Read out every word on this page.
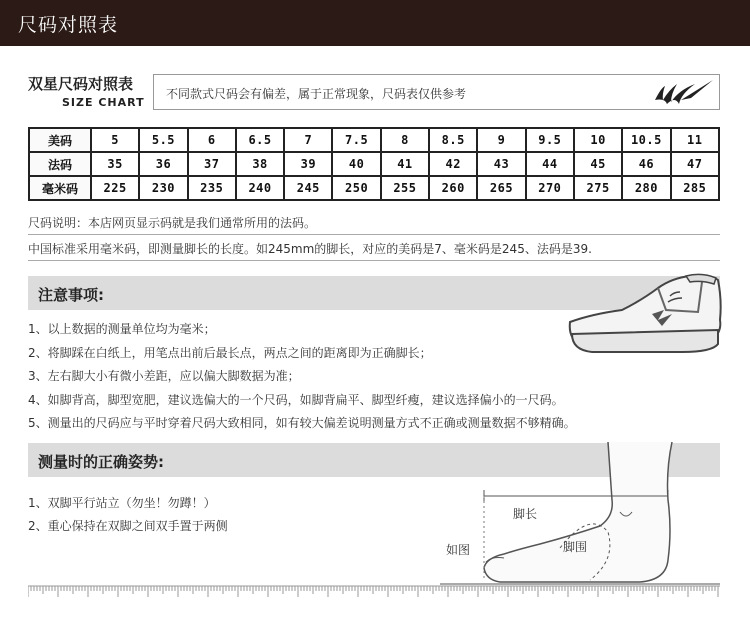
尺码对照表
双星尺码对照表
SIZE CHART
不同款式尺码会有偏差，属于正常现象，尺码表仅供参考
美码	5	5.5	6	6.5	7	7.5	8	8.5	9	9.5	10	10.5	11
法码	35	36	37	38	39	40	41	42	43	44	45	46	47
毫米码	225	230	235	240	245	250	255	260	265	270	275	280	285
尺码说明：本店网页显示码就是我们通常所用的法码。
中国标准采用毫米码，即测量脚长的长度。如245mm的脚长，对应的美码是7、毫米码是245、法码是39.
注意事项:
1、以上数据的测量单位均为毫米；
2、将脚踩在白纸上，用笔点出前后最长点，两点之间的距离即为正确脚长；
3、左右脚大小有微小差距，应以偏大脚数据为准；
4、如脚背高，脚型宽肥，建议选偏大的一个尺码，如脚背扁平、脚型纤瘦，建议选择偏小的一尺码。
5、测量出的尺码应与平时穿着尺码大致相同，如有较大偏差说明测量方式不正确或测量数据不够精确。
测量时的正确姿势:
1、双脚平行站立（勿坐！勿蹲！）
2、重心保持在双脚之间双手置于两侧
脚长
脚围
如图
